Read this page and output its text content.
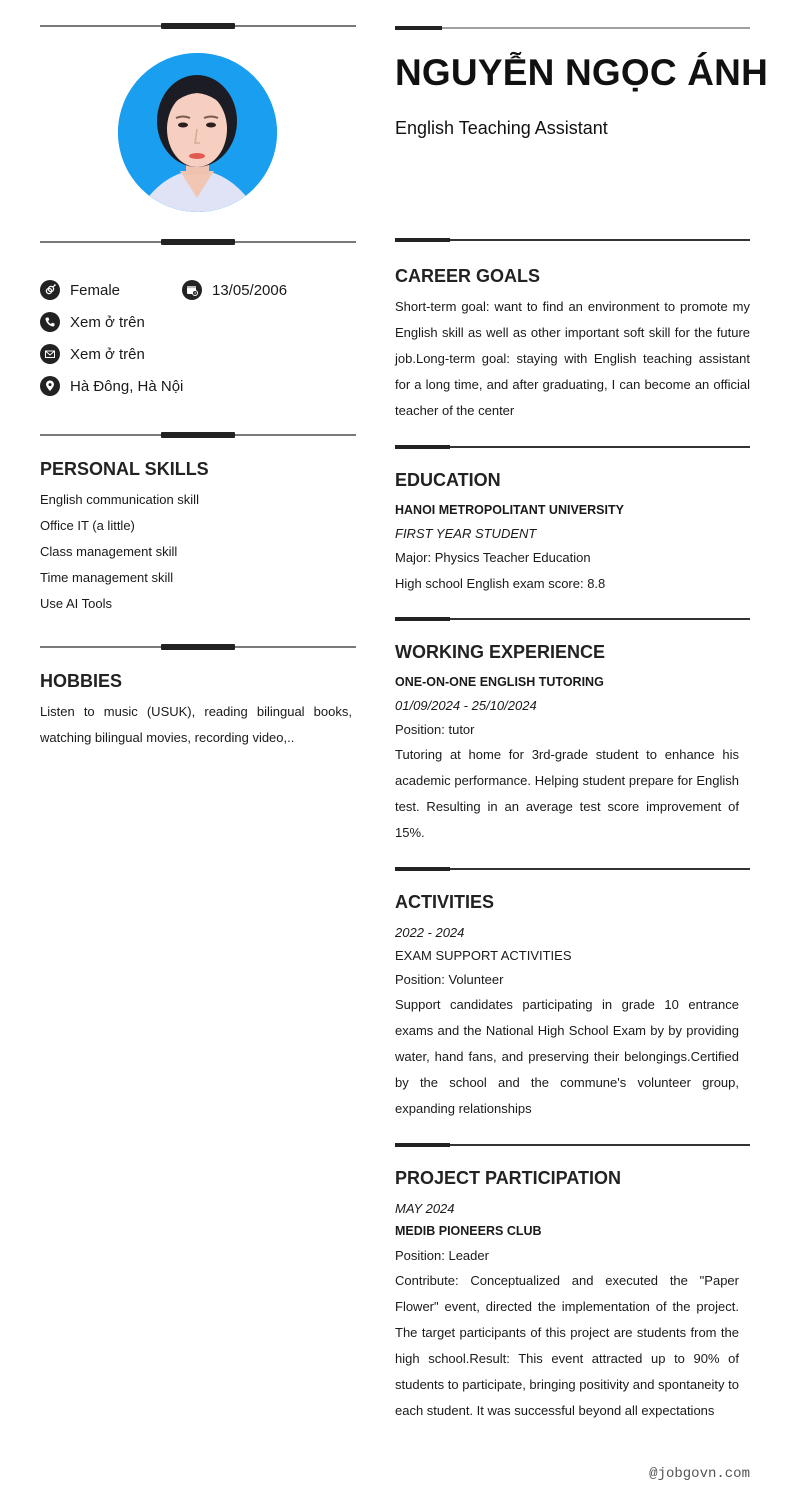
Female	13/05/2006
Xem ở trên
Xem ở trên
Hà Đông, Hà Nội
PERSONAL SKILLS
English communication skill
Office IT (a little)
Class management skill
Time management skill
Use AI Tools
HOBBIES
Listen to music (USUK), reading bilingual books, watching bilingual movies, recording video,..
NGUYỄN NGỌC ÁNH
English Teaching Assistant
CAREER GOALS
Short-term goal: want to find an environment to promote my English skill as well as other important soft skill for the future job.Long-term goal: staying with English teaching assistant for a long time, and after graduating, I can become an official teacher of the center
EDUCATION
HANOI METROPOLITANT UNIVERSITY
FIRST YEAR STUDENT
Major: Physics Teacher Education
High school English exam score: 8.8
WORKING EXPERIENCE
ONE-ON-ONE ENGLISH TUTORING
01/09/2024 - 25/10/2024
Position: tutor
Tutoring at home for 3rd-grade student to enhance his academic performance. Helping student prepare for English test. Resulting in an average test score improvement of 15%.
ACTIVITIES
2022 - 2024
EXAM SUPPORT ACTIVITIES
Position: Volunteer
Support candidates participating in grade 10 entrance exams and the National High School Exam by by providing water, hand fans, and preserving their belongings.Certified by the school and the commune's volunteer group, expanding relationships
PROJECT PARTICIPATION
MAY 2024
MEDIB PIONEERS CLUB
Position: Leader
Contribute: Conceptualized and executed the "Paper Flower" event, directed the implementation of the project. The target participants of this project are students from the high school.Result: This event attracted up to 90% of students to participate, bringing positivity and spontaneity to each student. It was successful beyond all expectations
@jobgovn.com
